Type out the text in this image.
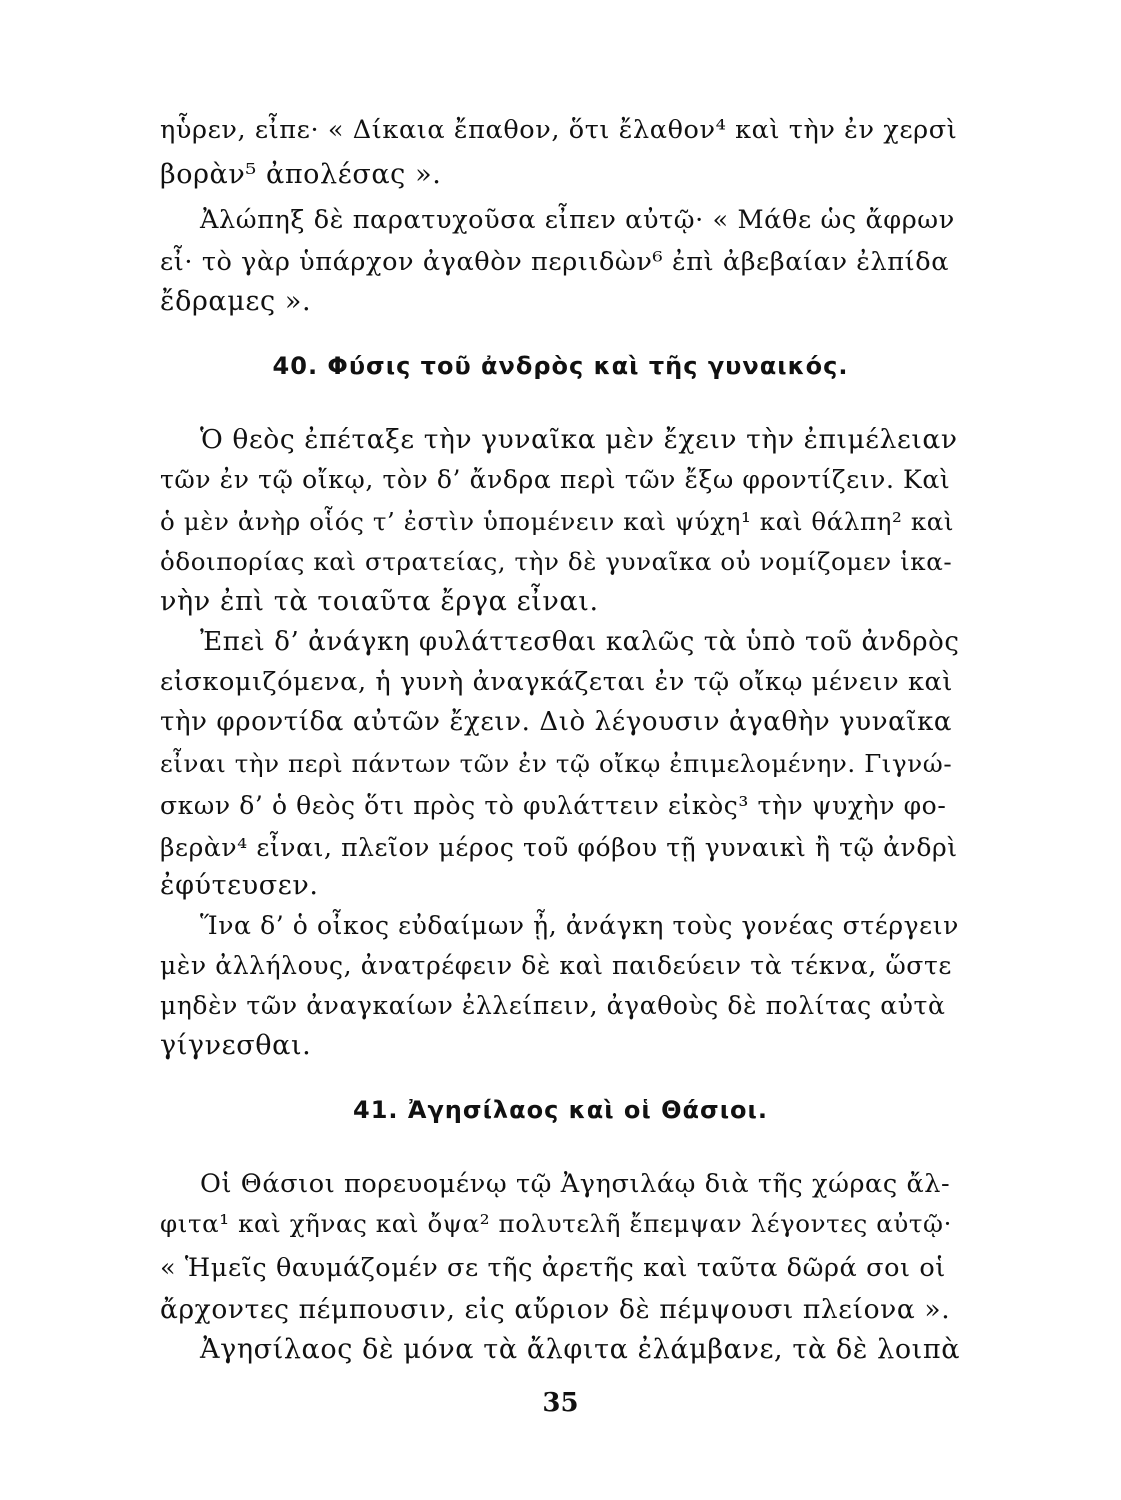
ηὗρεν, εἶπε· « Δίκαια ἔπαθον, ὅτι ἔλαθον⁴ καὶ τὴν ἐν χερσὶ
βορὰν⁵ ἀπολέσας ».
Ἀλώπηξ δὲ παρατυχοῦσα εἶπεν αὐτῷ· « Μάθε ὡς ἄφρων
εἶ· τὸ γὰρ ὑπάρχον ἀγαθὸν περιιδὼν⁶ ἐπὶ ἀβεβαίαν ἐλπίδα
ἔδραμες ».
40. Φύσις τοῦ ἀνδρὸς καὶ τῆς γυναικός.
Ὁ θεὸς ἐπέταξε τὴν γυναῖκα μὲν ἔχειν τὴν ἐπιμέλειαν
τῶν ἐν τῷ οἴκῳ, τὸν δ’ ἄνδρα περὶ τῶν ἔξω φροντίζειν. Καὶ
ὁ μὲν ἀνὴρ οἷός τ’ ἐστὶν ὑπομένειν καὶ ψύχη¹ καὶ θάλπη² καὶ
ὁδοιπορίας καὶ στρατείας, τὴν δὲ γυναῖκα οὐ νομίζομεν ἱκα-
νὴν ἐπὶ τὰ τοιαῦτα ἔργα εἶναι.
Ἐπεὶ δ’ ἀνάγκη φυλάττεσθαι καλῶς τὰ ὑπὸ τοῦ ἀνδρὸς
εἰσκομιζόμενα, ἡ γυνὴ ἀναγκάζεται ἐν τῷ οἴκῳ μένειν καὶ
τὴν φροντίδα αὐτῶν ἔχειν. Διὸ λέγουσιν ἀγαθὴν γυναῖκα
εἶναι τὴν περὶ πάντων τῶν ἐν τῷ οἴκῳ ἐπιμελομένην. Γιγνώ-
σκων δ’ ὁ θεὸς ὅτι πρὸς τὸ φυλάττειν εἰκὸς³ τὴν ψυχὴν φο-
βερὰν⁴ εἶναι, πλεῖον μέρος τοῦ φόβου τῇ γυναικὶ ἢ τῷ ἀνδρὶ
ἐφύτευσεν.
Ἵνα δ’ ὁ οἶκος εὐδαίμων ᾖ, ἀνάγκη τοὺς γονέας στέργειν
μὲν ἀλλήλους, ἀνατρέφειν δὲ καὶ παιδεύειν τὰ τέκνα, ὥστε
μηδὲν τῶν ἀναγκαίων ἐλλείπειν, ἀγαθοὺς δὲ πολίτας αὐτὰ
γίγνεσθαι.
41. Ἀγησίλαος καὶ οἱ Θάσιοι.
Οἱ Θάσιοι πορευομένῳ τῷ Ἀγησιλάῳ διὰ τῆς χώρας ἄλ-
φιτα¹ καὶ χῆνας καὶ ὄψα² πολυτελῆ ἔπεμψαν λέγοντες αὐτῷ·
« Ἡμεῖς θαυμάζομέν σε τῆς ἀρετῆς καὶ ταῦτα δῶρά σοι οἱ
ἄρχοντες πέμπουσιν, εἰς αὔριον δὲ πέμψουσι πλείονα ».
Ἀγησίλαος δὲ μόνα τὰ ἄλφιτα ἐλάμβανε, τὰ δὲ λοιπὰ
35
